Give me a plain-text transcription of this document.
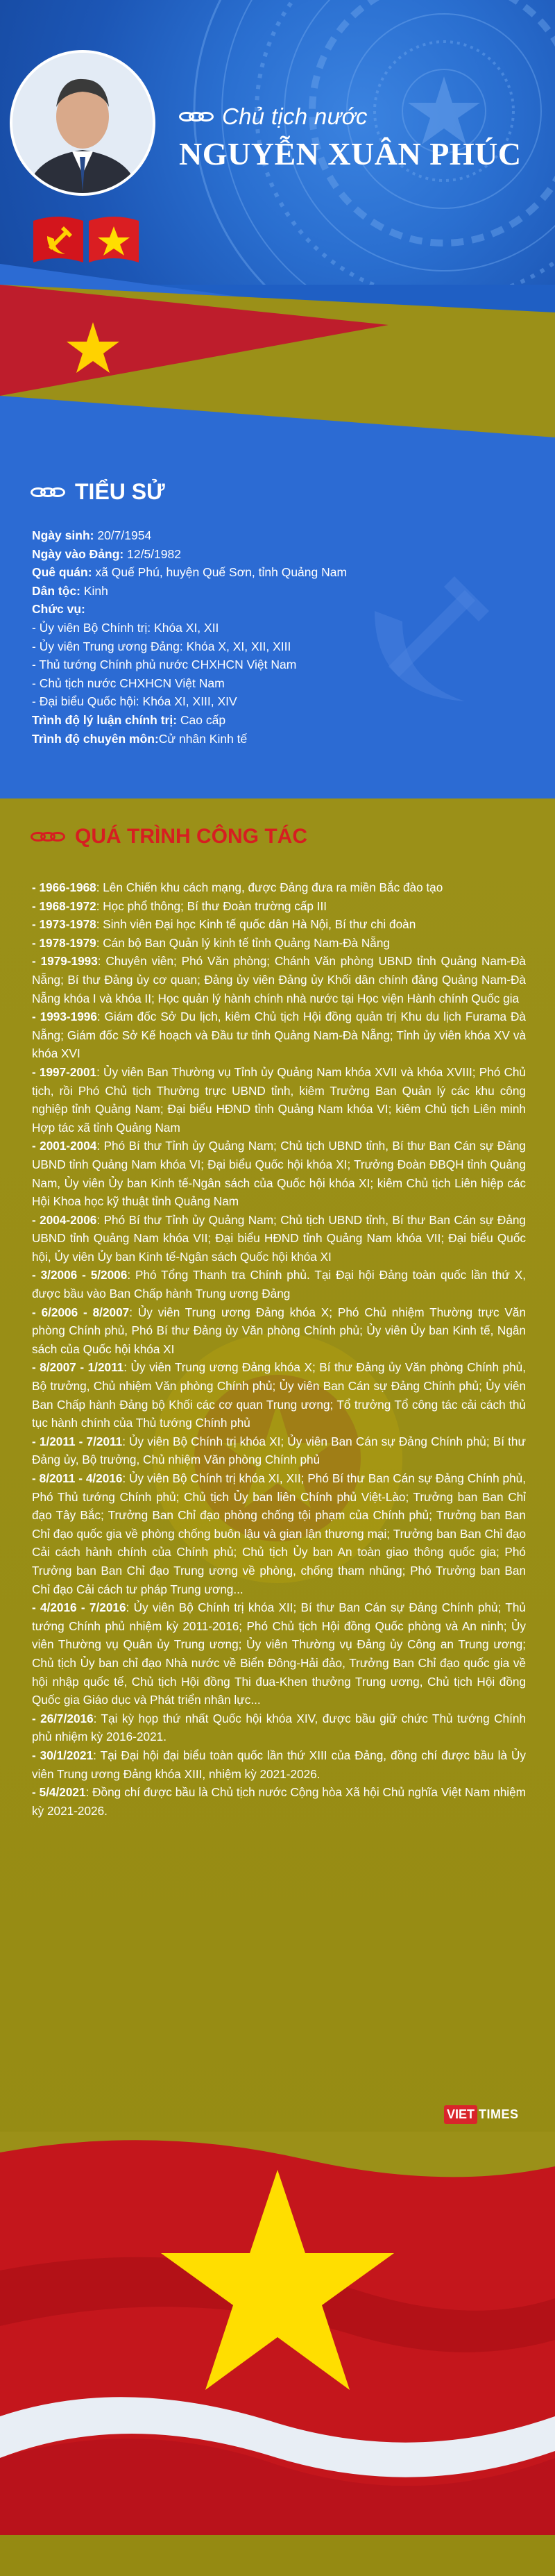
Chủ tịch nước
NGUYỄN XUÂN PHÚC
TIỂU SỬ
Ngày sinh: 20/7/1954
Ngày vào Đảng: 12/5/1982
Quê quán: xã Quế Phú, huyện Quế Sơn, tỉnh Quảng Nam
Dân tộc: Kinh
Chức vụ:
- Ủy viên Bộ Chính trị: Khóa XI, XII
- Ủy viên Trung ương Đảng: Khóa X, XI, XII, XIII
- Thủ tướng Chính phủ nước CHXHCN Việt Nam
- Chủ tịch nước CHXHCN Việt Nam
- Đại biểu Quốc hội: Khóa XI, XIII, XIV
Trình độ lý luận chính trị: Cao cấp
Trình độ chuyên môn:Cử nhân Kinh tế
QUÁ TRÌNH CÔNG TÁC

- 1966-1968: Lên Chiến khu cách mạng, được Đảng đưa ra miền Bắc đào tạo

- 1968-1972: Học phổ thông; Bí thư Đoàn trường cấp III

- 1973-1978: Sinh viên Đại học Kinh tế quốc dân Hà Nội, Bí thư chi đoàn

- 1978-1979: Cán bộ Ban Quản lý kinh tế tỉnh Quảng Nam-Đà Nẵng

- 1979-1993: Chuyên viên; Phó Văn phòng; Chánh Văn phòng UBND tỉnh Quảng Nam-Đà Nẵng; Bí thư Đảng ủy cơ quan; Đảng ủy viên Đảng ủy Khối dân chính đảng Quảng Nam-Đà Nẵng khóa I và khóa II; Học quản lý hành chính nhà nước tại Học viện Hành chính Quốc gia

- 1993-1996: Giám đốc Sở Du lịch, kiêm Chủ tịch Hội đồng quản trị Khu du lịch Furama Đà Nẵng; Giám đốc Sở Kế hoạch và Đầu tư tỉnh Quảng Nam-Đà Nẵng; Tỉnh ủy viên khóa XV và khóa XVI

- 1997-2001: Ủy viên Ban Thường vụ Tỉnh ủy Quảng Nam khóa XVII và khóa XVIII; Phó Chủ tịch, rồi Phó Chủ tịch Thường trực UBND tỉnh, kiêm Trưởng Ban Quản lý các khu công nghiệp tỉnh Quảng Nam; Đại biểu HĐND tỉnh Quảng Nam khóa VI; kiêm Chủ tịch Liên minh Hợp tác xã tỉnh Quảng Nam

- 2001-2004: Phó Bí thư Tỉnh ủy Quảng Nam; Chủ tịch UBND tỉnh, Bí thư Ban Cán sự Đảng UBND tỉnh Quảng Nam khóa VI; Đại biểu Quốc hội khóa XI; Trưởng Đoàn ĐBQH tỉnh Quảng Nam, Ủy viên Ủy ban Kinh tế-Ngân sách của Quốc hội khóa XI; kiêm Chủ tịch Liên hiệp các Hội Khoa học kỹ thuật tỉnh Quảng Nam

- 2004-2006: Phó Bí thư Tỉnh ủy Quảng Nam; Chủ tịch UBND tỉnh, Bí thư Ban Cán sự Đảng UBND tỉnh Quảng Nam khóa VII; Đại biểu HĐND tỉnh Quảng Nam khóa VII; Đại biểu Quốc hội, Ủy viên Ủy ban Kinh tế-Ngân sách Quốc hội khóa XI

- 3/2006 - 5/2006: Phó Tổng Thanh tra Chính phủ. Tại Đại hội Đảng toàn quốc lần thứ X, được bầu vào Ban Chấp hành Trung ương Đảng

- 6/2006 - 8/2007: Ủy viên Trung ương Đảng khóa X; Phó Chủ nhiệm Thường trực Văn phòng Chính phủ, Phó Bí thư Đảng ủy Văn phòng Chính phủ; Ủy viên Ủy ban Kinh tế, Ngân sách của Quốc hội khóa XI

- 8/2007 - 1/2011: Ủy viên Trung ương Đảng khóa X; Bí thư Đảng ủy Văn phòng Chính phủ, Bộ trưởng, Chủ nhiệm Văn phòng Chính phủ; Ủy viên Ban Cán sự Đảng Chính phủ; Ủy viên Ban Chấp hành Đảng bộ Khối các cơ quan Trung ương; Tổ trưởng Tổ công tác cải cách thủ tục hành chính của Thủ tướng Chính phủ

- 1/2011 - 7/2011: Ủy viên Bộ Chính trị khóa XI; Ủy viên Ban Cán sự Đảng Chính phủ; Bí thư Đảng ủy, Bộ trưởng, Chủ nhiệm Văn phòng Chính phủ

- 8/2011 - 4/2016: Ủy viên Bộ Chính trị khóa XI, XII; Phó Bí thư Ban Cán sự Đảng Chính phủ, Phó Thủ tướng Chính phủ; Chủ tịch Ủy ban liên Chính phủ Việt-Lào; Trưởng ban Ban Chỉ đạo Tây Bắc; Trưởng Ban Chỉ đạo phòng chống tội phạm của Chính phủ; Trưởng ban Ban Chỉ đạo quốc gia về phòng chống buôn lậu và gian lận thương mại; Trưởng ban Ban Chỉ đạo Cải cách hành chính của Chính phủ; Chủ tịch Ủy ban An toàn giao thông quốc gia; Phó Trưởng ban Ban Chỉ đạo Trung ương về phòng, chống tham nhũng; Phó Trưởng ban Ban Chỉ đạo Cải cách tư pháp Trung ương...

- 4/2016 - 7/2016: Ủy viên Bộ Chính trị khóa XII; Bí thư Ban Cán sự Đảng Chính phủ; Thủ tướng Chính phủ nhiệm kỳ 2011-2016; Phó Chủ tịch Hội đồng Quốc phòng và An ninh; Ủy viên Thường vụ Quân ủy Trung ương; Ủy viên Thường vụ Đảng ủy Công an Trung ương; Chủ tịch Ủy ban chỉ đạo Nhà nước về Biển Đông-Hải đảo, Trưởng Ban Chỉ đạo quốc gia về hội nhập quốc tế, Chủ tịch Hội đồng Thi đua-Khen thưởng Trung ương, Chủ tịch Hội đồng Quốc gia Giáo dục và Phát triển nhân lực...

- 26/7/2016: Tại kỳ họp thứ nhất Quốc hội khóa XIV, được bầu giữ chức Thủ tướng Chính phủ nhiệm kỳ 2016-2021.

- 30/1/2021: Tại Đại hội đại biểu toàn quốc lần thứ XIII của Đảng, đồng chí được bầu là Ủy viên Trung ương Đảng khóa XIII, nhiệm kỳ 2021-2026.

- 5/4/2021: Đồng chí được bầu là Chủ tịch nước Cộng hòa Xã hội Chủ nghĩa Việt Nam nhiệm kỳ 2021-2026.

VIET TIMES
